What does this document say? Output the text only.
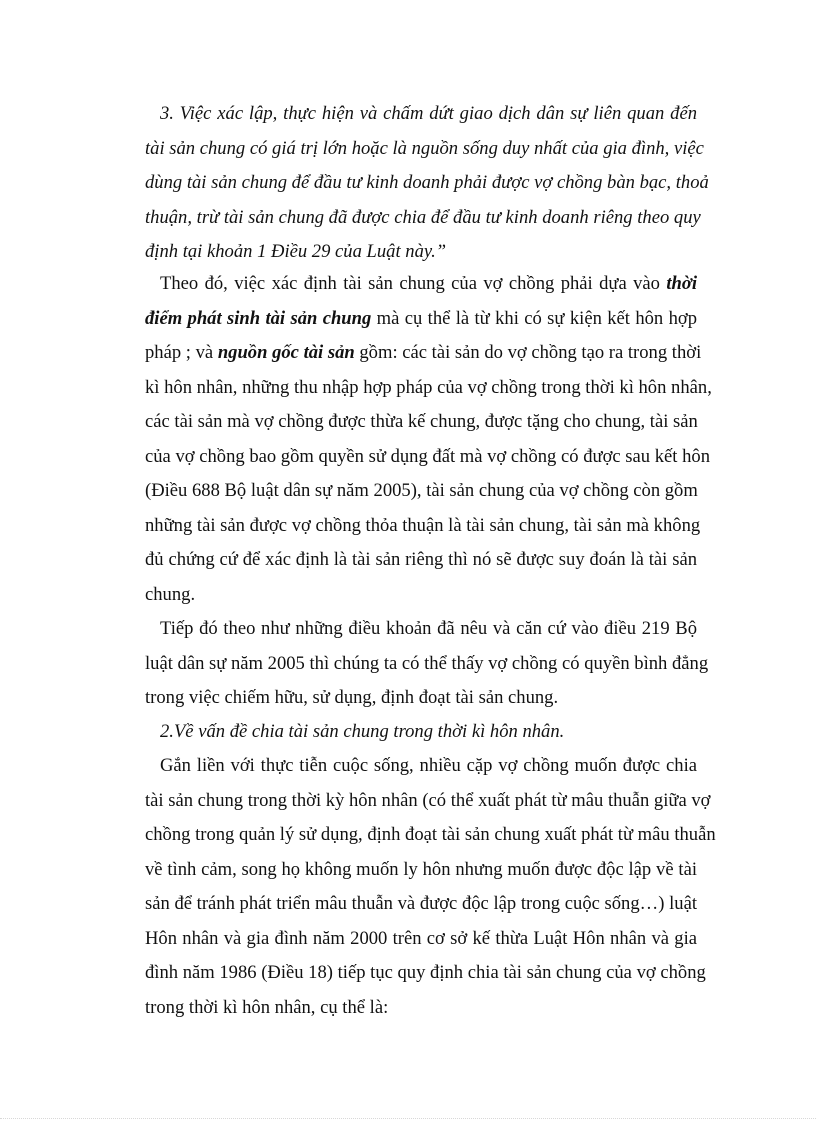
3. Việc xác lập, thực hiện và chấm dứt giao dịch dân sự liên quan đến
tài sản chung có giá trị lớn hoặc là nguồn sống duy nhất của gia đình, việc
dùng tài sản chung để đầu tư kinh doanh phải được vợ chồng bàn bạc, thoả
thuận, trừ tài sản chung đã được chia để đầu tư kinh doanh riêng theo quy
định tại khoản 1 Điều 29 của Luật này.”
Theo đó, việc xác định tài sản chung của vợ chồng phải dựa vào thời
điểm phát sinh tài sản chung mà cụ thể là từ khi có sự kiện kết hôn hợp
pháp ; và nguồn gốc tài sản gồm: các tài sản do vợ chồng tạo ra trong thời
kì hôn nhân, những thu nhập hợp pháp của vợ chồng trong thời kì hôn nhân,
các tài sản mà vợ chồng được thừa kế chung, được tặng cho chung, tài sản
của vợ chồng bao gồm quyền sử dụng đất mà vợ chồng có được sau kết hôn
(Điều 688 Bộ luật dân sự năm 2005), tài sản chung của vợ chồng còn gồm
những tài sản được vợ chồng thỏa thuận là tài sản chung, tài sản mà không
đủ chứng cứ để xác định là tài sản riêng thì nó sẽ được suy đoán là tài sản
chung.
Tiếp đó theo như những điều khoản đã nêu và căn cứ vào điều 219 Bộ
luật dân sự năm 2005 thì chúng ta có thể thấy vợ chồng có quyền bình đẳng
trong việc chiếm hữu, sử dụng, định đoạt tài sản chung.
2.Về vấn đề chia tài sản chung trong thời kì hôn nhân.
Gắn liền với thực tiễn cuộc sống, nhiều cặp vợ chồng muốn được chia
tài sản chung trong thời kỳ hôn nhân (có thể xuất phát từ mâu thuẫn giữa vợ
chồng trong quản lý sử dụng, định đoạt tài sản chung xuất phát từ mâu thuẫn
về tình cảm, song họ không muốn ly hôn nhưng muốn được độc lập về tài
sản để tránh phát triển mâu thuẫn và được độc lập trong cuộc sống…) luật
Hôn nhân và gia đình năm 2000 trên cơ sở kế thừa Luật Hôn nhân và gia
đình năm 1986 (Điều 18) tiếp tục quy định chia tài sản chung của vợ chồng
trong thời kì hôn nhân, cụ thể là:
